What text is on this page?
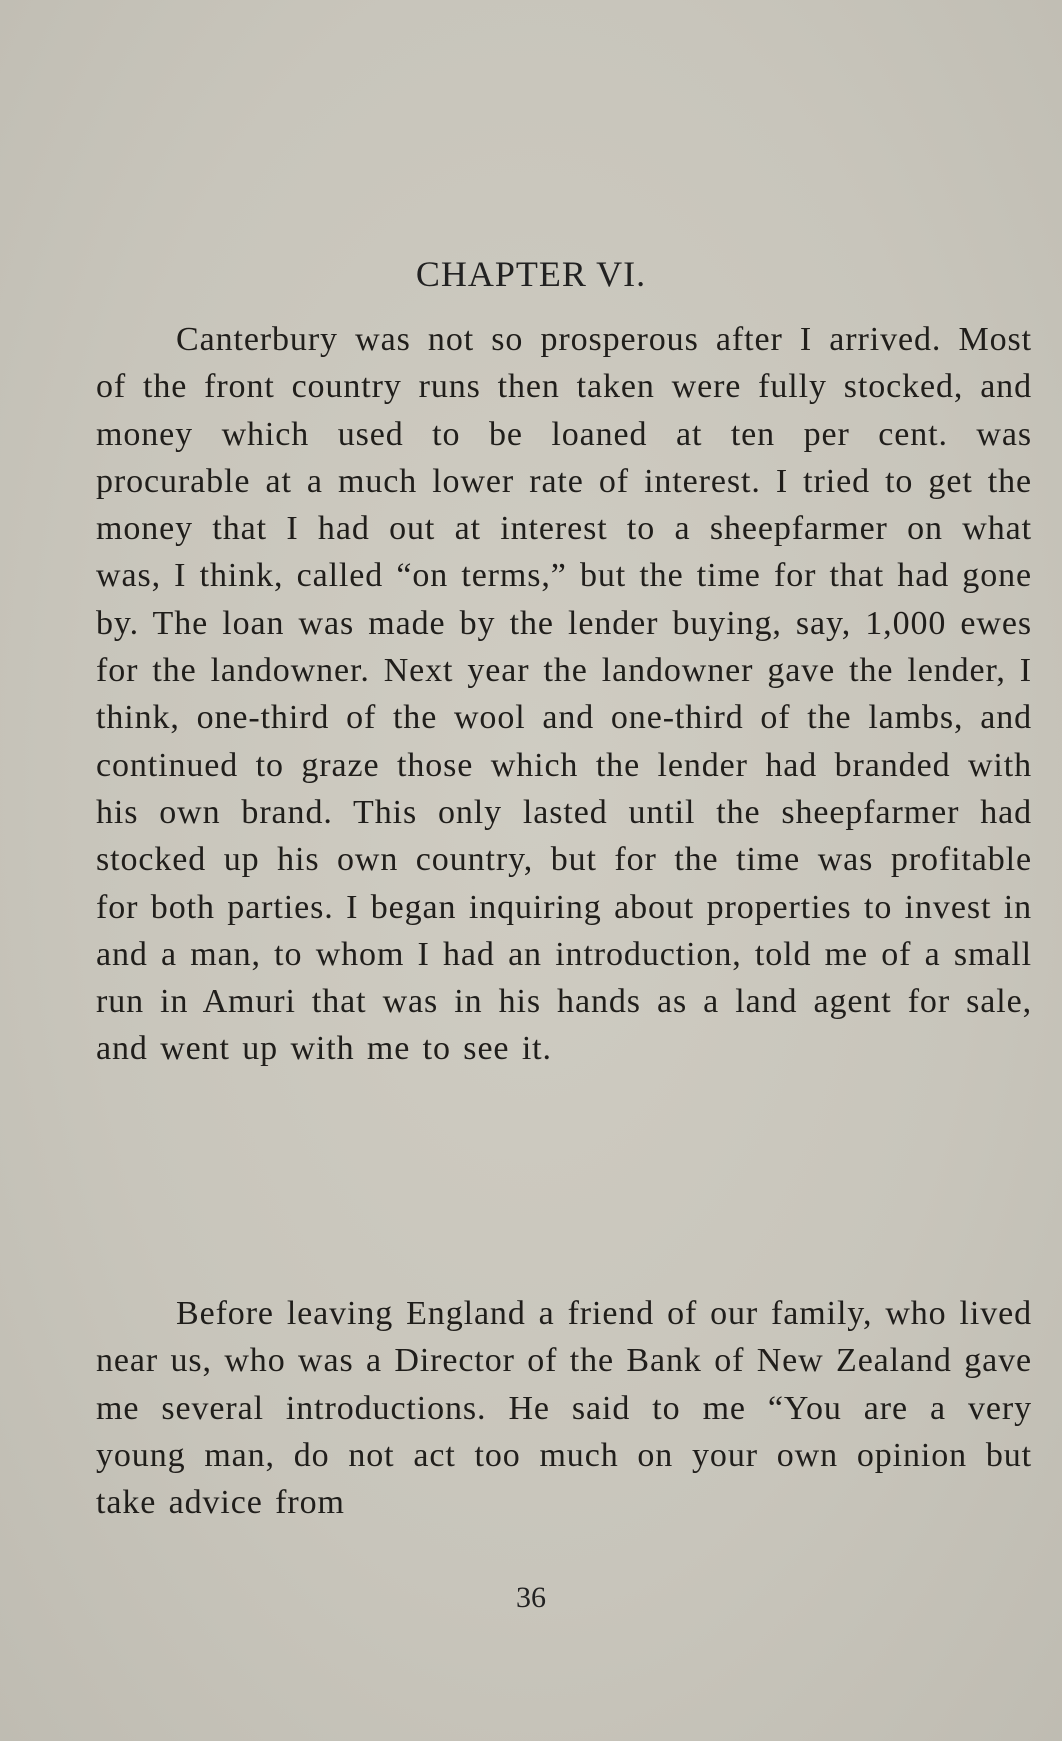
CHAPTER VI.

Canterbury was not so prosperous after I arrived. Most of the front country runs then taken were fully stocked, and money which used to be loaned at ten per cent. was procurable at a much lower rate of interest. I tried to get the money that I had out at interest to a sheepfarmer on what was, I think, called “on terms,” but the time for that had gone by. The loan was made by the lender buying, say, 1,000 ewes for the landowner. Next year the landowner gave the lender, I think, one-third of the wool and one-third of the lambs, and continued to graze those which the lender had branded with his own brand. This only lasted until the sheepfarmer had stocked up his own country, but for the time was profitable for both parties. I began inquiring about properties to invest in and a man, to whom I had an introduction, told me of a small run in Amuri that was in his hands as a land agent for sale, and went up with me to see it.

Before leaving England a friend of our family, who lived near us, who was a Director of the Bank of New Zealand gave me several introductions. He said to me “You are a very young man, do not act too much on your own opinion but take advice from

36
